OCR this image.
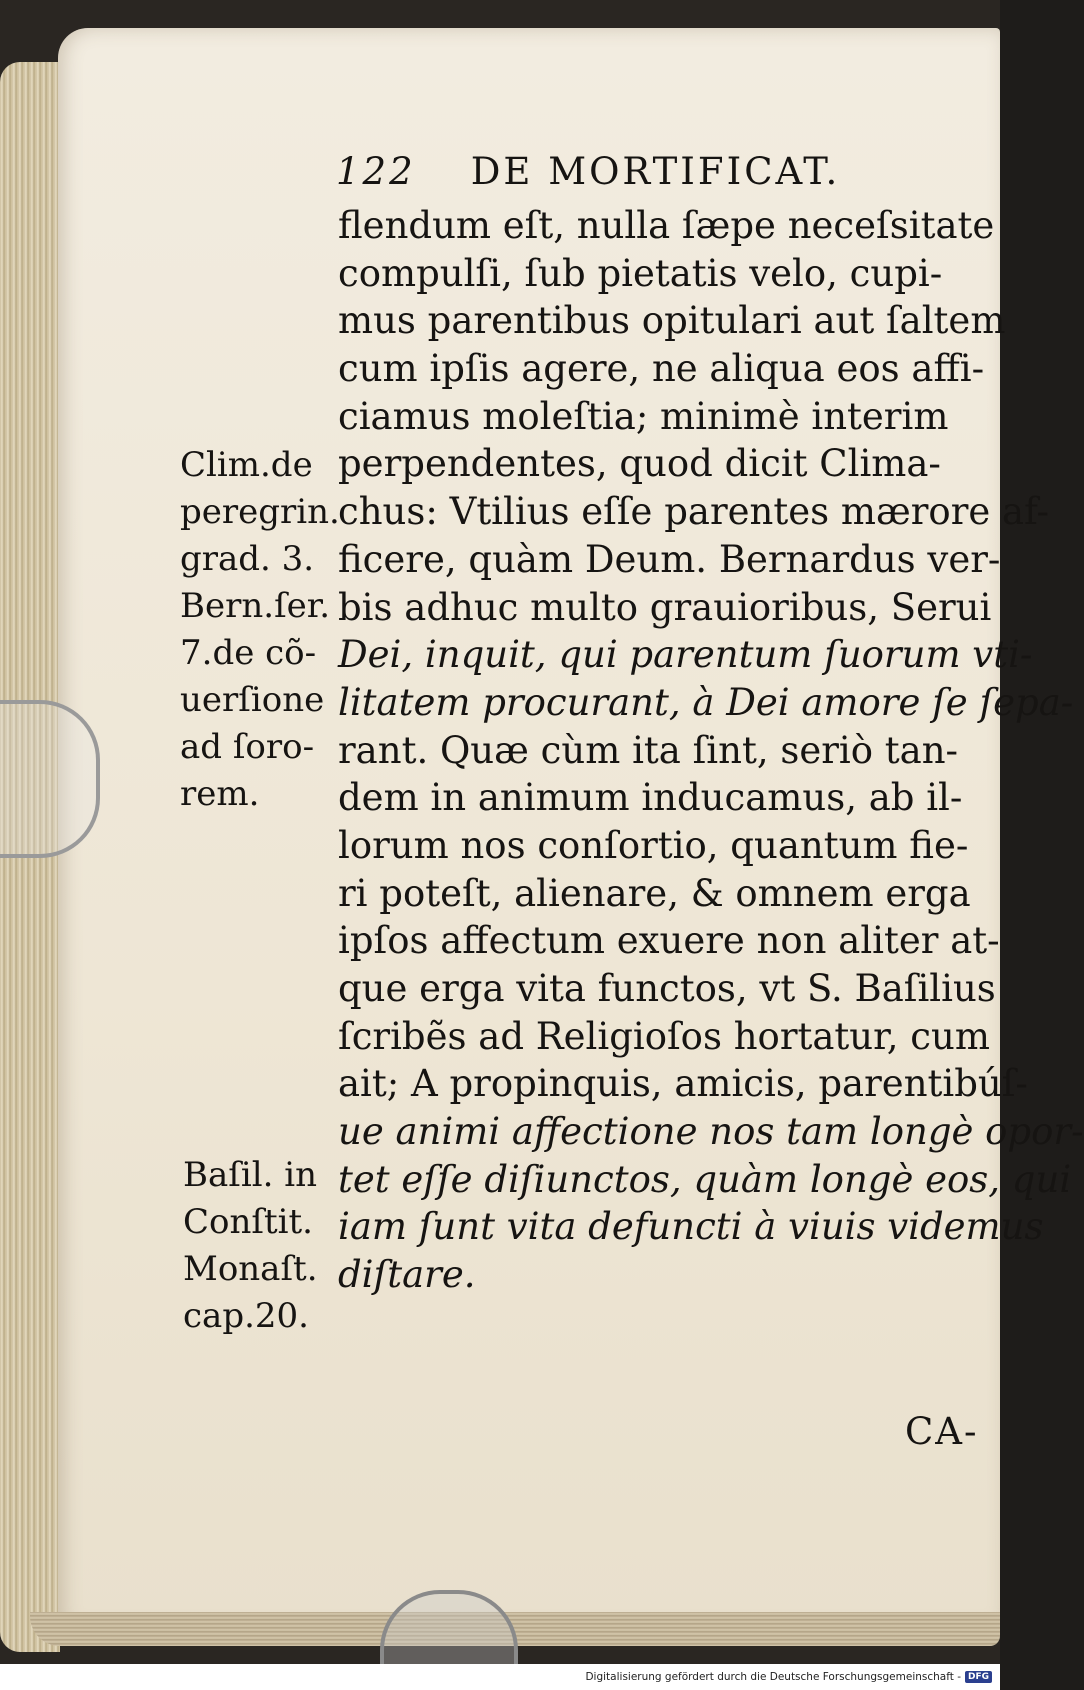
122 DE MORTIFICAT.
flendum eſt, nulla ſæpe neceſsitate
compulſi, ſub pietatis velo, cupi-
mus parentibus opitulari aut ſaltem
cum ipſis agere, ne aliqua eos affi-
ciamus moleſtia; minimè interim
perpendentes, quod dicit Clima-
chus: Vtilius eſſe parentes mærore af-
ficere, quàm Deum. Bernardus ver-
bis adhuc multo grauioribus, Serui
Dei, inquit, qui parentum ſuorum vti-
litatem procurant, à Dei amore ſe ſepa-
rant. Quæ cùm ita ſint, seriò tan-
dem in animum inducamus, ab il-
lorum nos conſortio, quantum fie-
ri poteſt, alienare, & omnem erga
ipſos affectum exuere non aliter at-
que erga vita functos, vt S. Baſilius
ſcribẽs ad Religioſos hortatur, cum
ait; A propinquis, amicis, parentibúſ-
ue animi affectione nos tam longè opor-
tet eſſe diſiunctos, quàm longè eos, qui
iam ſunt vita defuncti à viuis videmus
diſtare.
Clim.de
peregrin.
grad. 3.
Bern.ſer.
7.de cõ-
uerſione
ad ſoro-
rem.
Baſil. in
Conſtit.
Monaſt.
cap.20.
CA-
Digitalisierung gefördert durch die Deutsche Forschungsgemeinschaft - DFG
